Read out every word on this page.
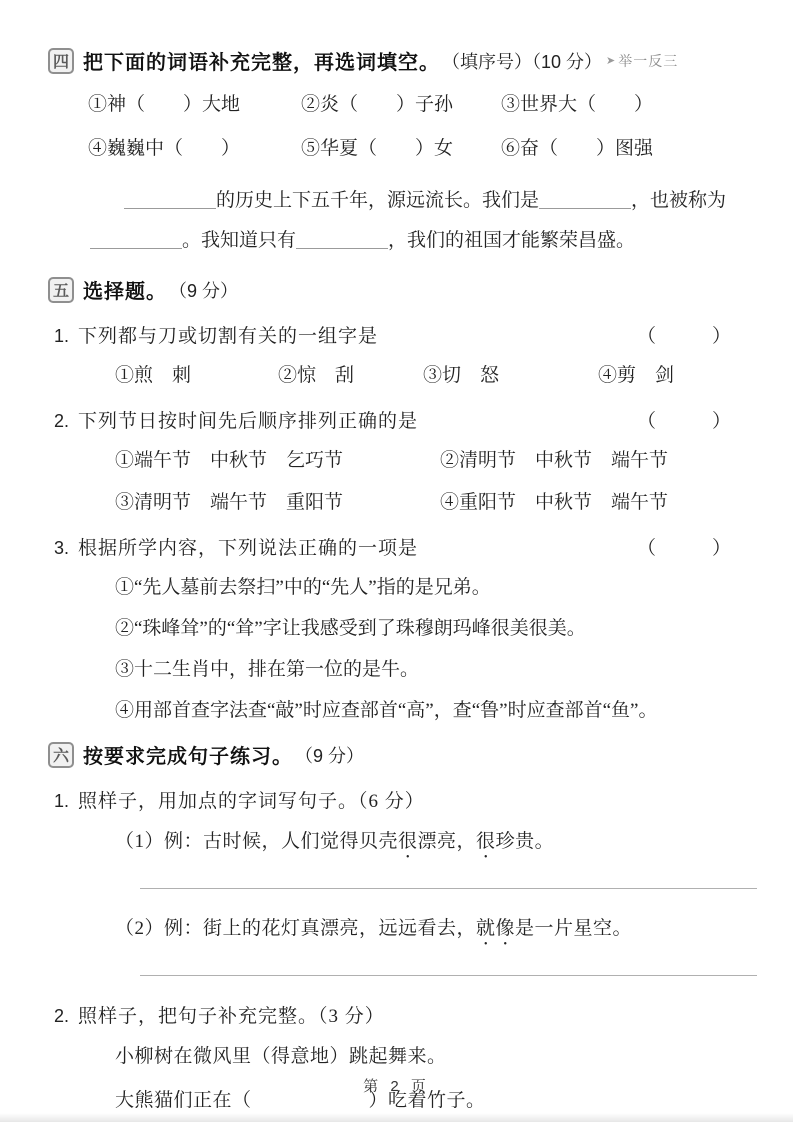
四 把下面的词语补充完整，再选词填空。 （填序号）（10 分） ➤ 举一反三
①神（　　）大地	②炎（　　）子孙	③世界大（　　）
④巍巍中（　　）	⑤华夏（　　）女	⑥奋（　　）图强

的历史上下五千年，源远流长。我们是	，也被称为。我知道只有	，我们的祖国才能繁荣昌盛。

五 选择题。 （9 分）
1. 下列都与刀或切割有关的一组字是	（　　）
①煎　刺	②惊　刮	③切　怒	④剪　剑
2. 下列节日按时间先后顺序排列正确的是	（　　）
①端午节　中秋节　乞巧节	②清明节　中秋节　端午节
③清明节　端午节　重阳节	④重阳节　中秋节　端午节
3. 根据所学内容，下列说法正确的一项是	（　　）
①“先人墓前去祭扫”中的“先人”指的是兄弟。
②“珠峰耸”的“耸”字让我感受到了珠穆朗玛峰很美很美。
③十二生肖中，排在第一位的是牛。
④用部首查字法查“敲”时应查部首“高”，查“鲁”时应查部首“鱼”。
六 按要求完成句子练习。 （9 分）
1. 照样子，用加点的字词写句子。（6 分）

（1）例：古时候，人们觉得贝壳很漂亮，很珍贵。

（2）例：街上的花灯真漂亮，远远看去，就像是一片星空。

2. 照样子，把句子补充完整。（3 分）

小柳树在微风里（得意地）跳起舞来。

大熊猫们正在（　　　　　　）吃着竹子。

第 2 页
